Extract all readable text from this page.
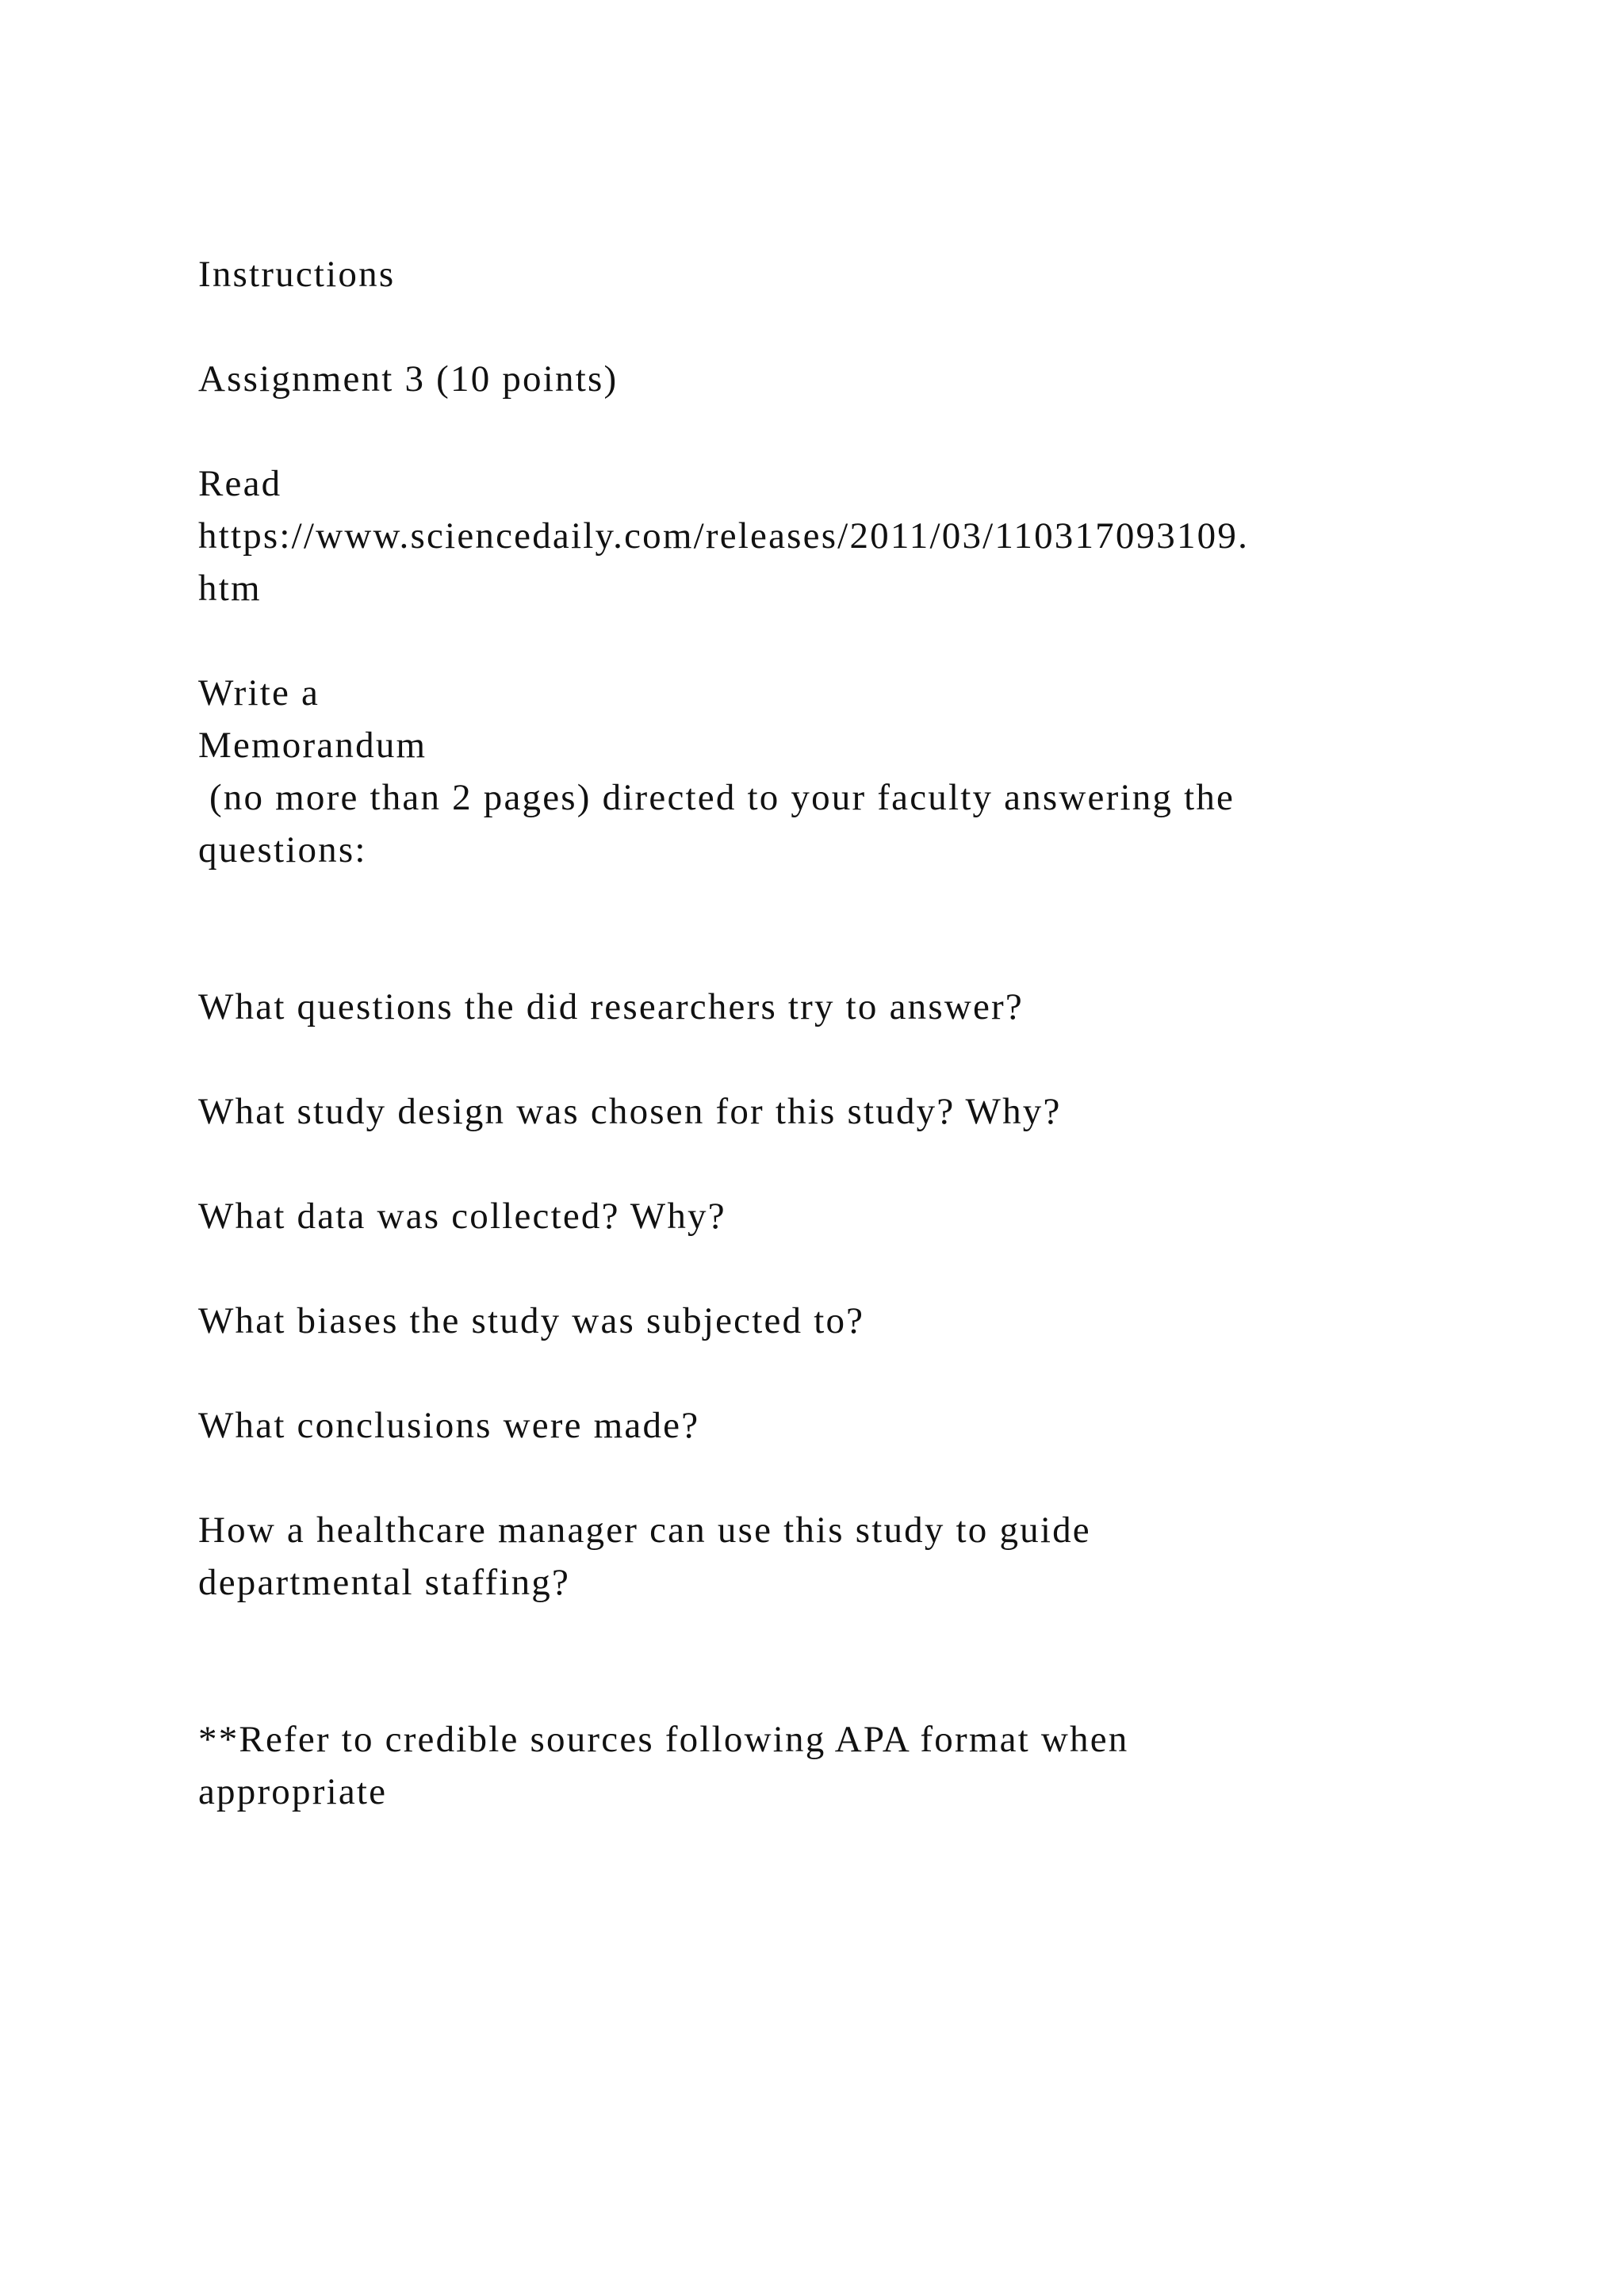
Instructions

Assignment 3 (10 points)

Read

https://www.sciencedaily.com/releases/2011/03/110317093109.

htm

Write a

Memorandum

(no more than 2 pages) directed to your faculty answering the

questions:

What questions the did researchers try to answer?

What study design was chosen for this study? Why?

What data was collected? Why?

What biases the study was subjected to?

What conclusions were made?

How a healthcare manager can use this study to guide

departmental staffing?

**Refer to credible sources following APA format when

appropriate
